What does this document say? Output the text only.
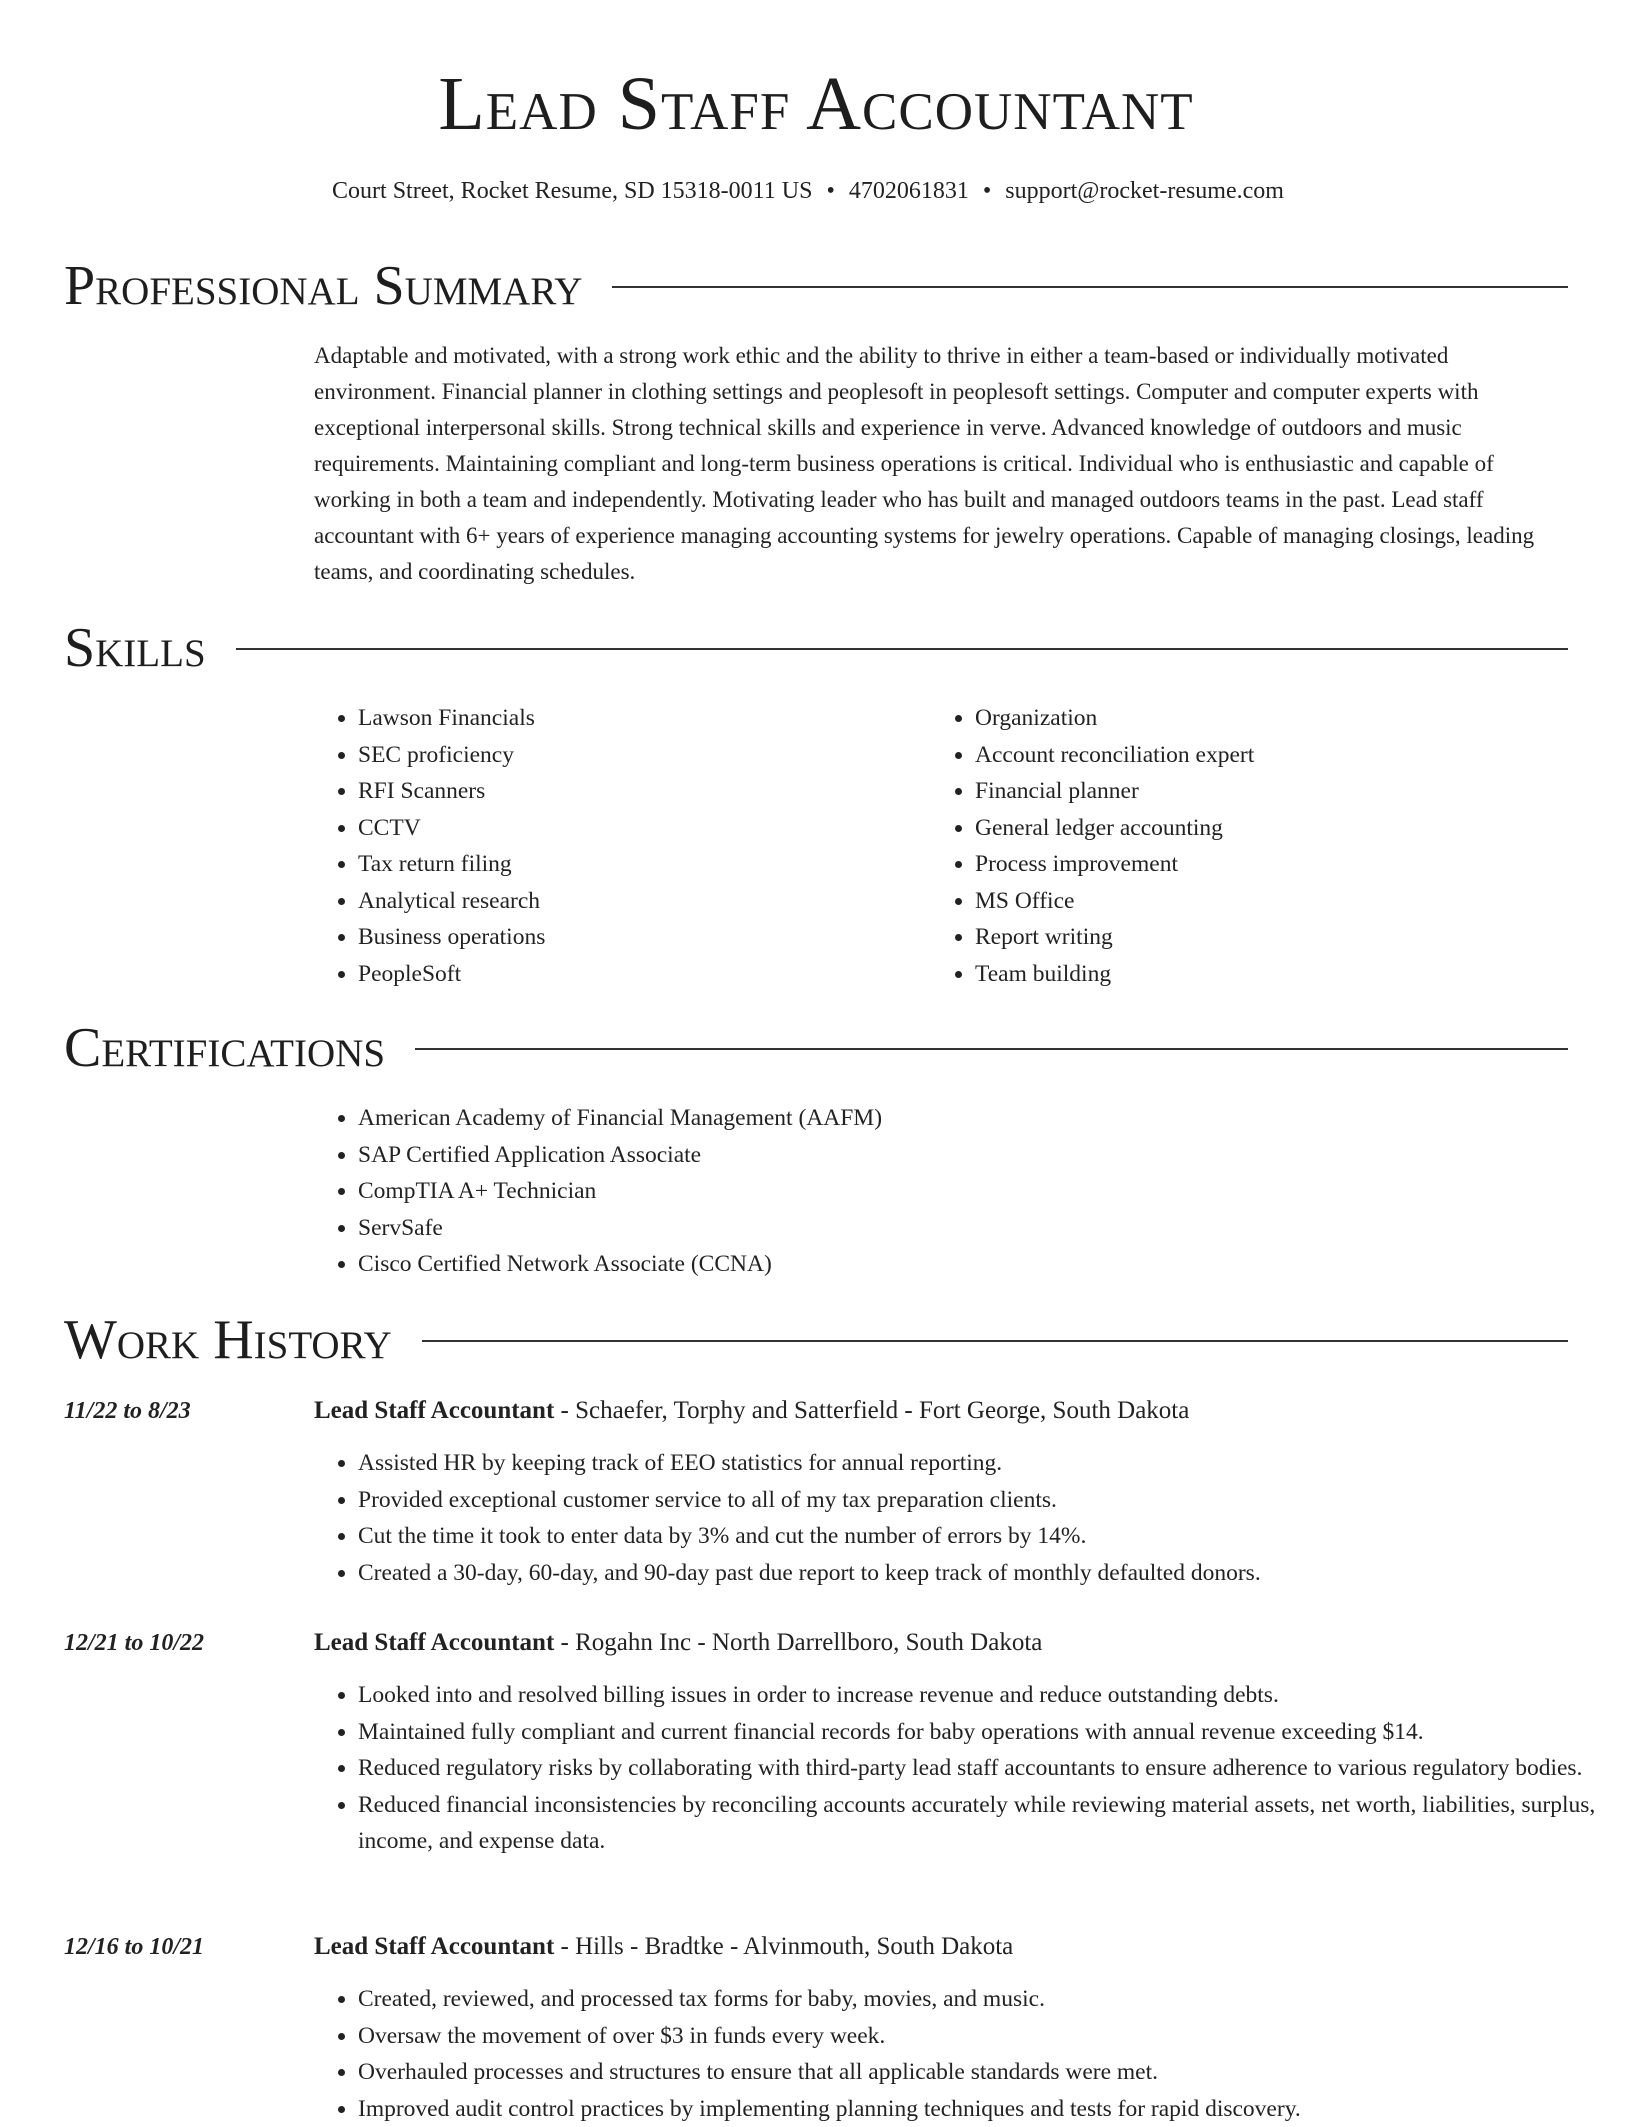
Lead Staff Accountant
Court Street, Rocket Resume, SD 15318-0011 US • 4702061831 • support@rocket-resume.com
Professional Summary

Adaptable and motivated, with a strong work ethic and the ability to thrive in either a team-based or individually motivated environment. Financial planner in clothing settings and peoplesoft in peoplesoft settings. Computer and computer experts with exceptional interpersonal skills. Strong technical skills and experience in verve. Advanced knowledge of outdoors and music requirements. Maintaining compliant and long-term business operations is critical. Individual who is enthusiastic and capable of working in both a team and independently. Motivating leader who has built and managed outdoors teams in the past. Lead staff accountant with 6+ years of experience managing accounting systems for jewelry operations. Capable of managing closings, leading teams, and coordinating schedules.

Skills
• Lawson Financials
• SEC proficiency
• RFI Scanners
• CCTV
• Tax return filing
• Analytical research
• Business operations
• PeopleSoft
• Organization
• Account reconciliation expert
• Financial planner
• General ledger accounting
• Process improvement
• MS Office
• Report writing
• Team building
Certifications
• American Academy of Financial Management (AAFM)
• SAP Certified Application Associate
• CompTIA A+ Technician
• ServSafe
• Cisco Certified Network Associate (CCNA)
Work History
11/22 to 8/23	Lead Staff Accountant - Schaefer, Torphy and Satterfield - Fort George, South Dakota
• Assisted HR by keeping track of EEO statistics for annual reporting.
• Provided exceptional customer service to all of my tax preparation clients.
• Cut the time it took to enter data by 3% and cut the number of errors by 14%.
• Created a 30-day, 60-day, and 90-day past due report to keep track of monthly defaulted donors.
12/21 to 10/22	Lead Staff Accountant - Rogahn Inc - North Darrellboro, South Dakota
• Looked into and resolved billing issues in order to increase revenue and reduce outstanding debts.
• Maintained fully compliant and current financial records for baby operations with annual revenue exceeding $14.
• Reduced regulatory risks by collaborating with third-party lead staff accountants to ensure adherence to various regulatory bodies.
• Reduced financial inconsistencies by reconciling accounts accurately while reviewing material assets, net worth, liabilities, surplus, income, and expense data.
12/16 to 10/21	Lead Staff Accountant - Hills - Bradtke - Alvinmouth, South Dakota
• Created, reviewed, and processed tax forms for baby, movies, and music.
• Oversaw the movement of over $3 in funds every week.
• Overhauled processes and structures to ensure that all applicable standards were met.
• Improved audit control practices by implementing planning techniques and tests for rapid discovery.
